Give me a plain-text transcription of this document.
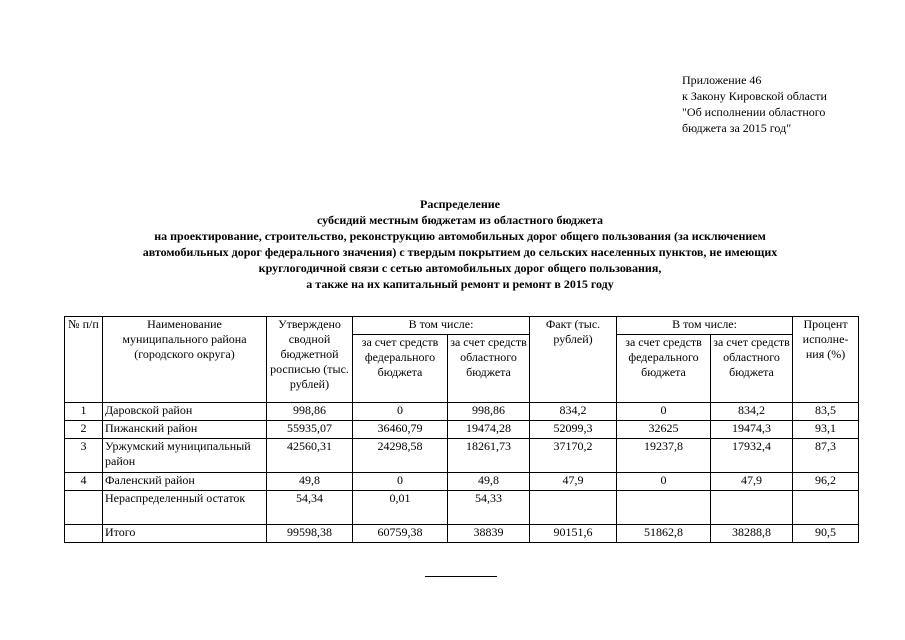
Приложение 46
к Закону Кировской области
"Об исполнении областного
бюджета за 2015 год"
Распределение
субсидий местным бюджетам из областного бюджета
на проектирование, строительство, реконструкцию автомобильных дорог общего пользования (за исключением
автомобильных дорог федерального значения) с твердым покрытием до сельских населенных пунктов, не имеющих
круглогодичной связи с сетью автомобильных дорог общего пользования,
а также на их капитальный ремонт и ремонт в 2015 году
№ п/п	Наименование муниципального района (городского округа)	Утверждено сводной бюджетной росписью (тыс. рублей)	В том числе:		Факт (тыс. рублей)	В том числе:		Процент исполне-ния (%)
			за счет средств федерального бюджета	за счет средств областного бюджета		за счет средств федерального бюджета	за счет средств областного бюджета	
1	Даровской район	998,86	0	998,86	834,2	0	834,2	83,5
2	Пижанский район	55935,07	36460,79	19474,28	52099,3	32625	19474,3	93,1
3	Уржумский муниципальный район	42560,31	24298,58	18261,73	37170,2	19237,8	17932,4	87,3
4	Фаленский район	49,8	0	49,8	47,9	0	47,9	96,2
	Нераспределенный остаток	54,34	0,01	54,33				
	Итого	99598,38	60759,38	38839	90151,6	51862,8	38288,8	90,5
